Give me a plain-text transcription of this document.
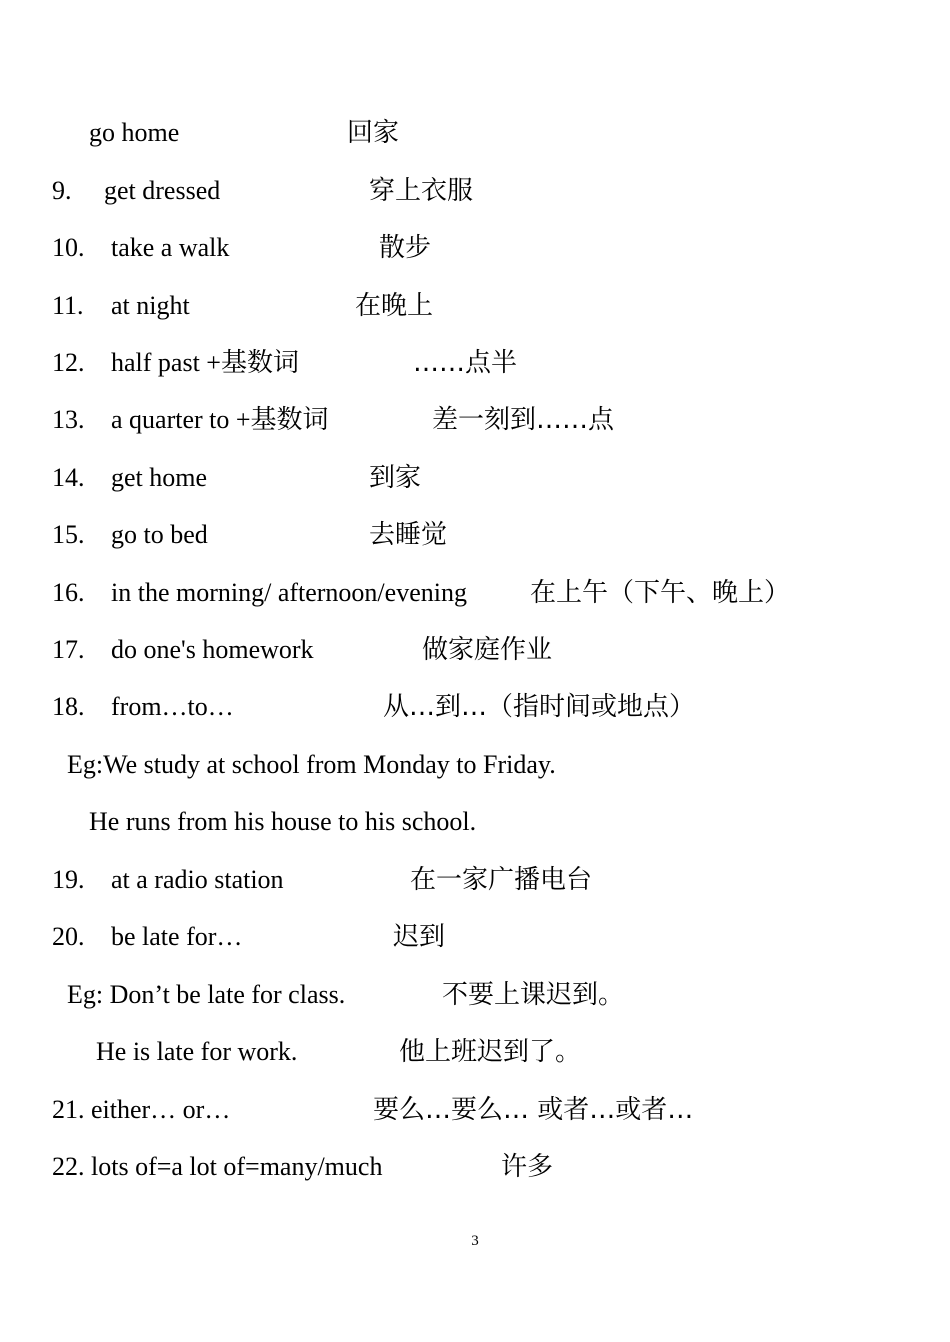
go home	回家
9. get dressed	穿上衣服
10. take a walk	散步
11. at night	在晚上
12. half past +基数词	……点半
13. a quarter to +基数词	差一刻到……点
14. get home	到家
15. go to bed	去睡觉
16. in the morning/ afternoon/evening 在上午（下午、晚上）
17. do one's homework	做家庭作业
18. from…to…	从…到…（指时间或地点）
Eg:We study at school from Monday to Friday.
He runs from his house to his school.
19. at a radio station	在一家广播电台
20. be late for…	迟到
Eg: Don’t be late for class.	不要上课迟到。
He is late for work.	他上班迟到了。
21. either… or…	要么…要么… 或者…或者…
22. lots of=a lot of=many/much	许多
3
